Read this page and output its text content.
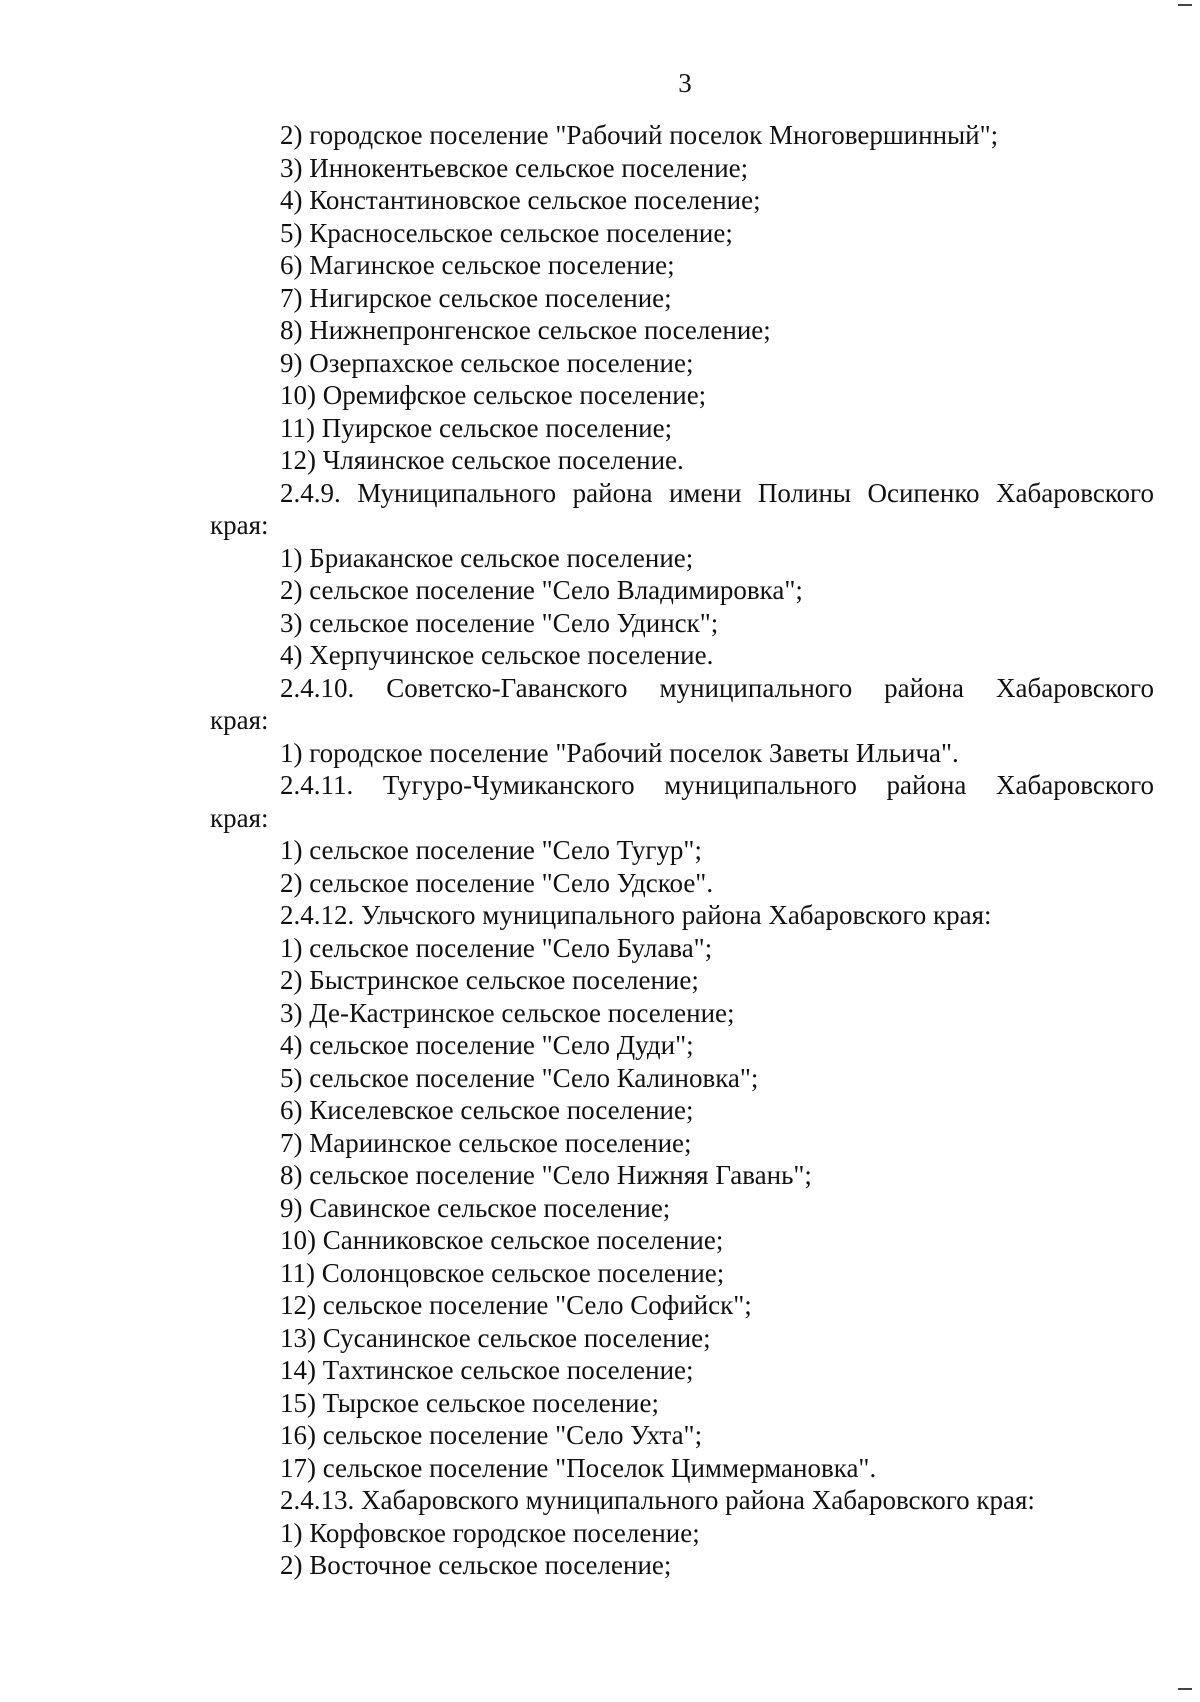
3
2) городское поселение "Рабочий поселок Многовершинный";
3) Иннокентьевское сельское поселение;
4) Константиновское сельское поселение;
5) Красносельское сельское поселение;
6) Магинское сельское поселение;
7) Нигирское сельское поселение;
8) Нижнепронгенское сельское поселение;
9) Озерпахское сельское поселение;
10) Оремифское сельское поселение;
11) Пуирское сельское поселение;
12) Чляинское сельское поселение.
2.4.9. Муниципального района имени Полины Осипенко Хабаровского
края:
1) Бриаканское сельское поселение;
2) сельское поселение "Село Владимировка";
3) сельское поселение "Село Удинск";
4) Херпучинское сельское поселение.
2.4.10. Советско-Гаванского муниципального района Хабаровского
края:
1) городское поселение "Рабочий поселок Заветы Ильича".
2.4.11. Тугуро-Чумиканского муниципального района Хабаровского
края:
1) сельское поселение "Село Тугур";
2) сельское поселение "Село Удское".
2.4.12. Ульчского муниципального района Хабаровского края:
1) сельское поселение "Село Булава";
2) Быстринское сельское поселение;
3) Де-Кастринское сельское поселение;
4) сельское поселение "Село Дуди";
5) сельское поселение "Село Калиновка";
6) Киселевское сельское поселение;
7) Мариинское сельское поселение;
8) сельское поселение "Село Нижняя Гавань";
9) Савинское сельское поселение;
10) Санниковское сельское поселение;
11) Солонцовское сельское поселение;
12) сельское поселение "Село Софийск";
13) Сусанинское сельское поселение;
14) Тахтинское сельское поселение;
15) Тырское сельское поселение;
16) сельское поселение "Село Ухта";
17) сельское поселение "Поселок Циммермановка".
2.4.13. Хабаровского муниципального района Хабаровского края:
1) Корфовское городское поселение;
2) Восточное сельское поселение;
